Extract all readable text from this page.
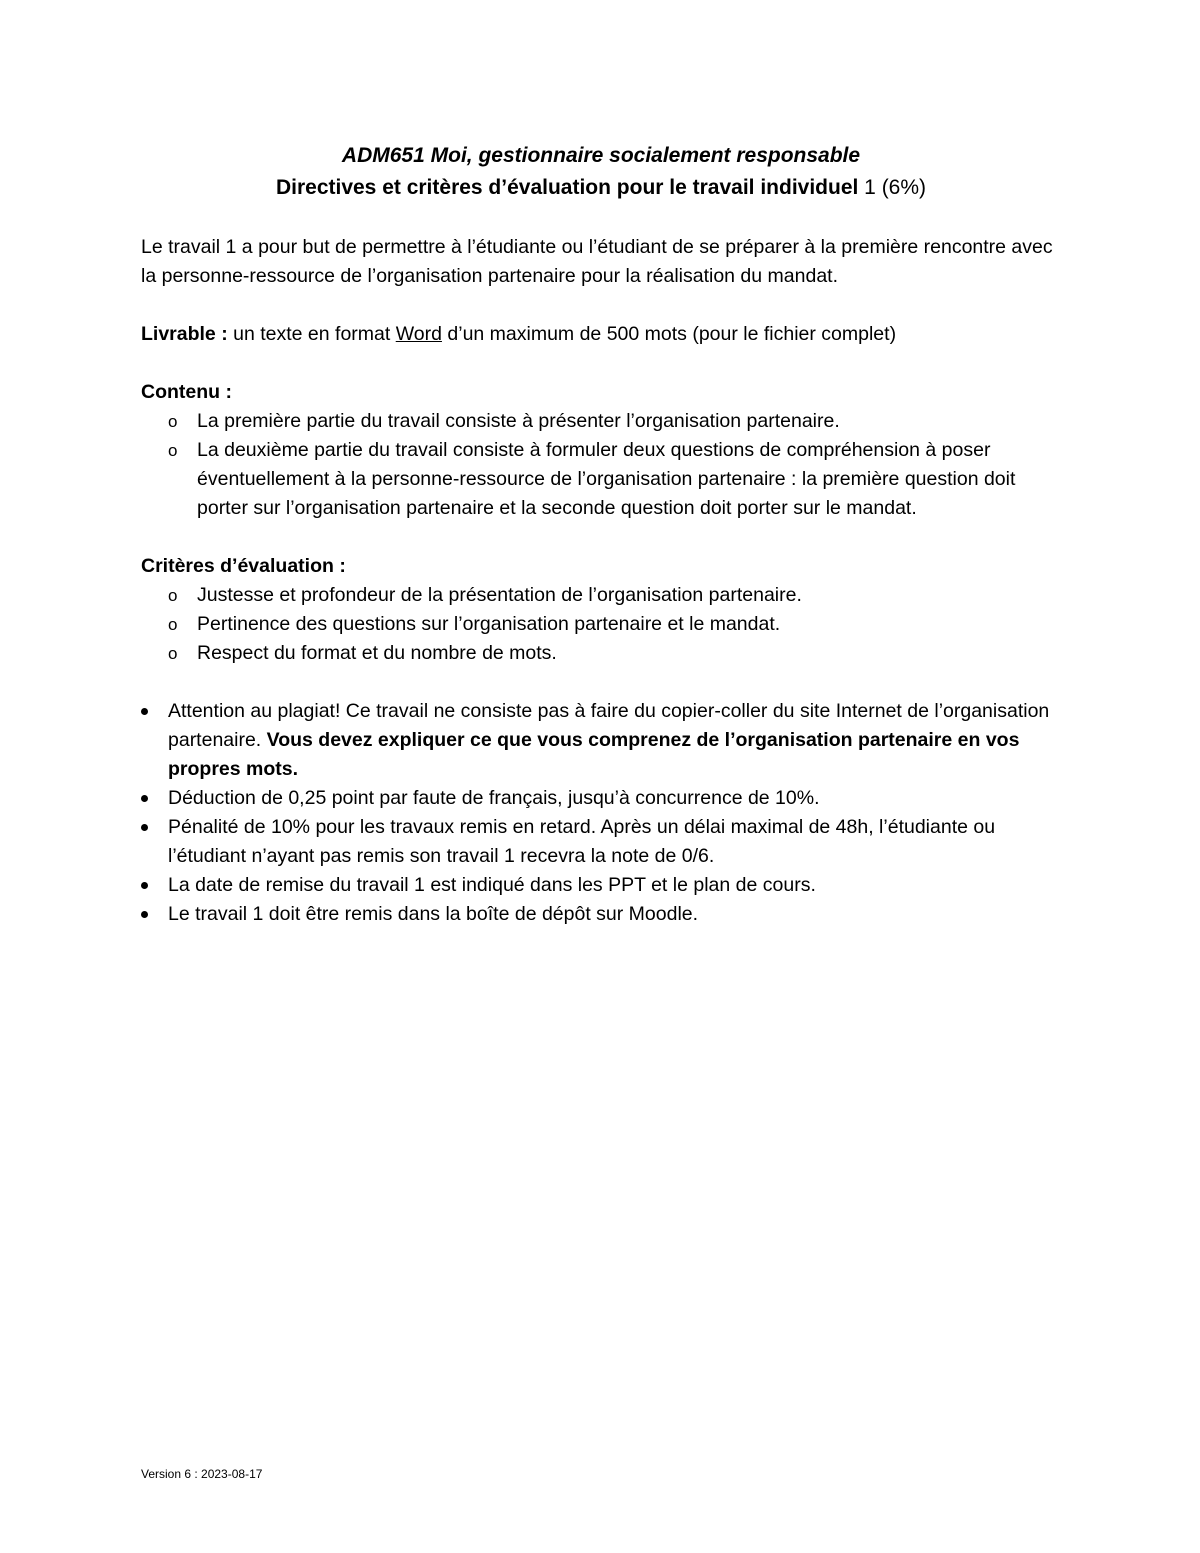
ADM651 Moi, gestionnaire socialement responsable
Directives et critères d’évaluation pour le travail individuel 1 (6%)

Le travail 1 a pour but de permettre à l’étudiante ou l’étudiant de se préparer à la première rencontre avec la personne-ressource de l’organisation partenaire pour la réalisation du mandat.

Livrable : un texte en format Word d’un maximum de 500 mots (pour le fichier complet)

Contenu :

o La première partie du travail consiste à présenter l’organisation partenaire.
o La deuxième partie du travail consiste à formuler deux questions de compréhension à poser éventuellement à la personne-ressource de l’organisation partenaire : la première question doit porter sur l’organisation partenaire et la seconde question doit porter sur le mandat.

Critères d’évaluation :

o Justesse et profondeur de la présentation de l’organisation partenaire.
o Pertinence des questions sur l’organisation partenaire et le mandat.
o Respect du format et du nombre de mots.
Attention au plagiat! Ce travail ne consiste pas à faire du copier-coller du site Internet de l’organisation partenaire. Vous devez expliquer ce que vous comprenez de l’organisation partenaire en vos propres mots.
Déduction de 0,25 point par faute de français, jusqu’à concurrence de 10%.
Pénalité de 10% pour les travaux remis en retard. Après un délai maximal de 48h, l’étudiante ou l’étudiant n’ayant pas remis son travail 1 recevra la note de 0/6.
La date de remise du travail 1 est indiqué dans les PPT et le plan de cours.
Le travail 1 doit être remis dans la boîte de dépôt sur Moodle.
Version 6 : 2023-08-17
